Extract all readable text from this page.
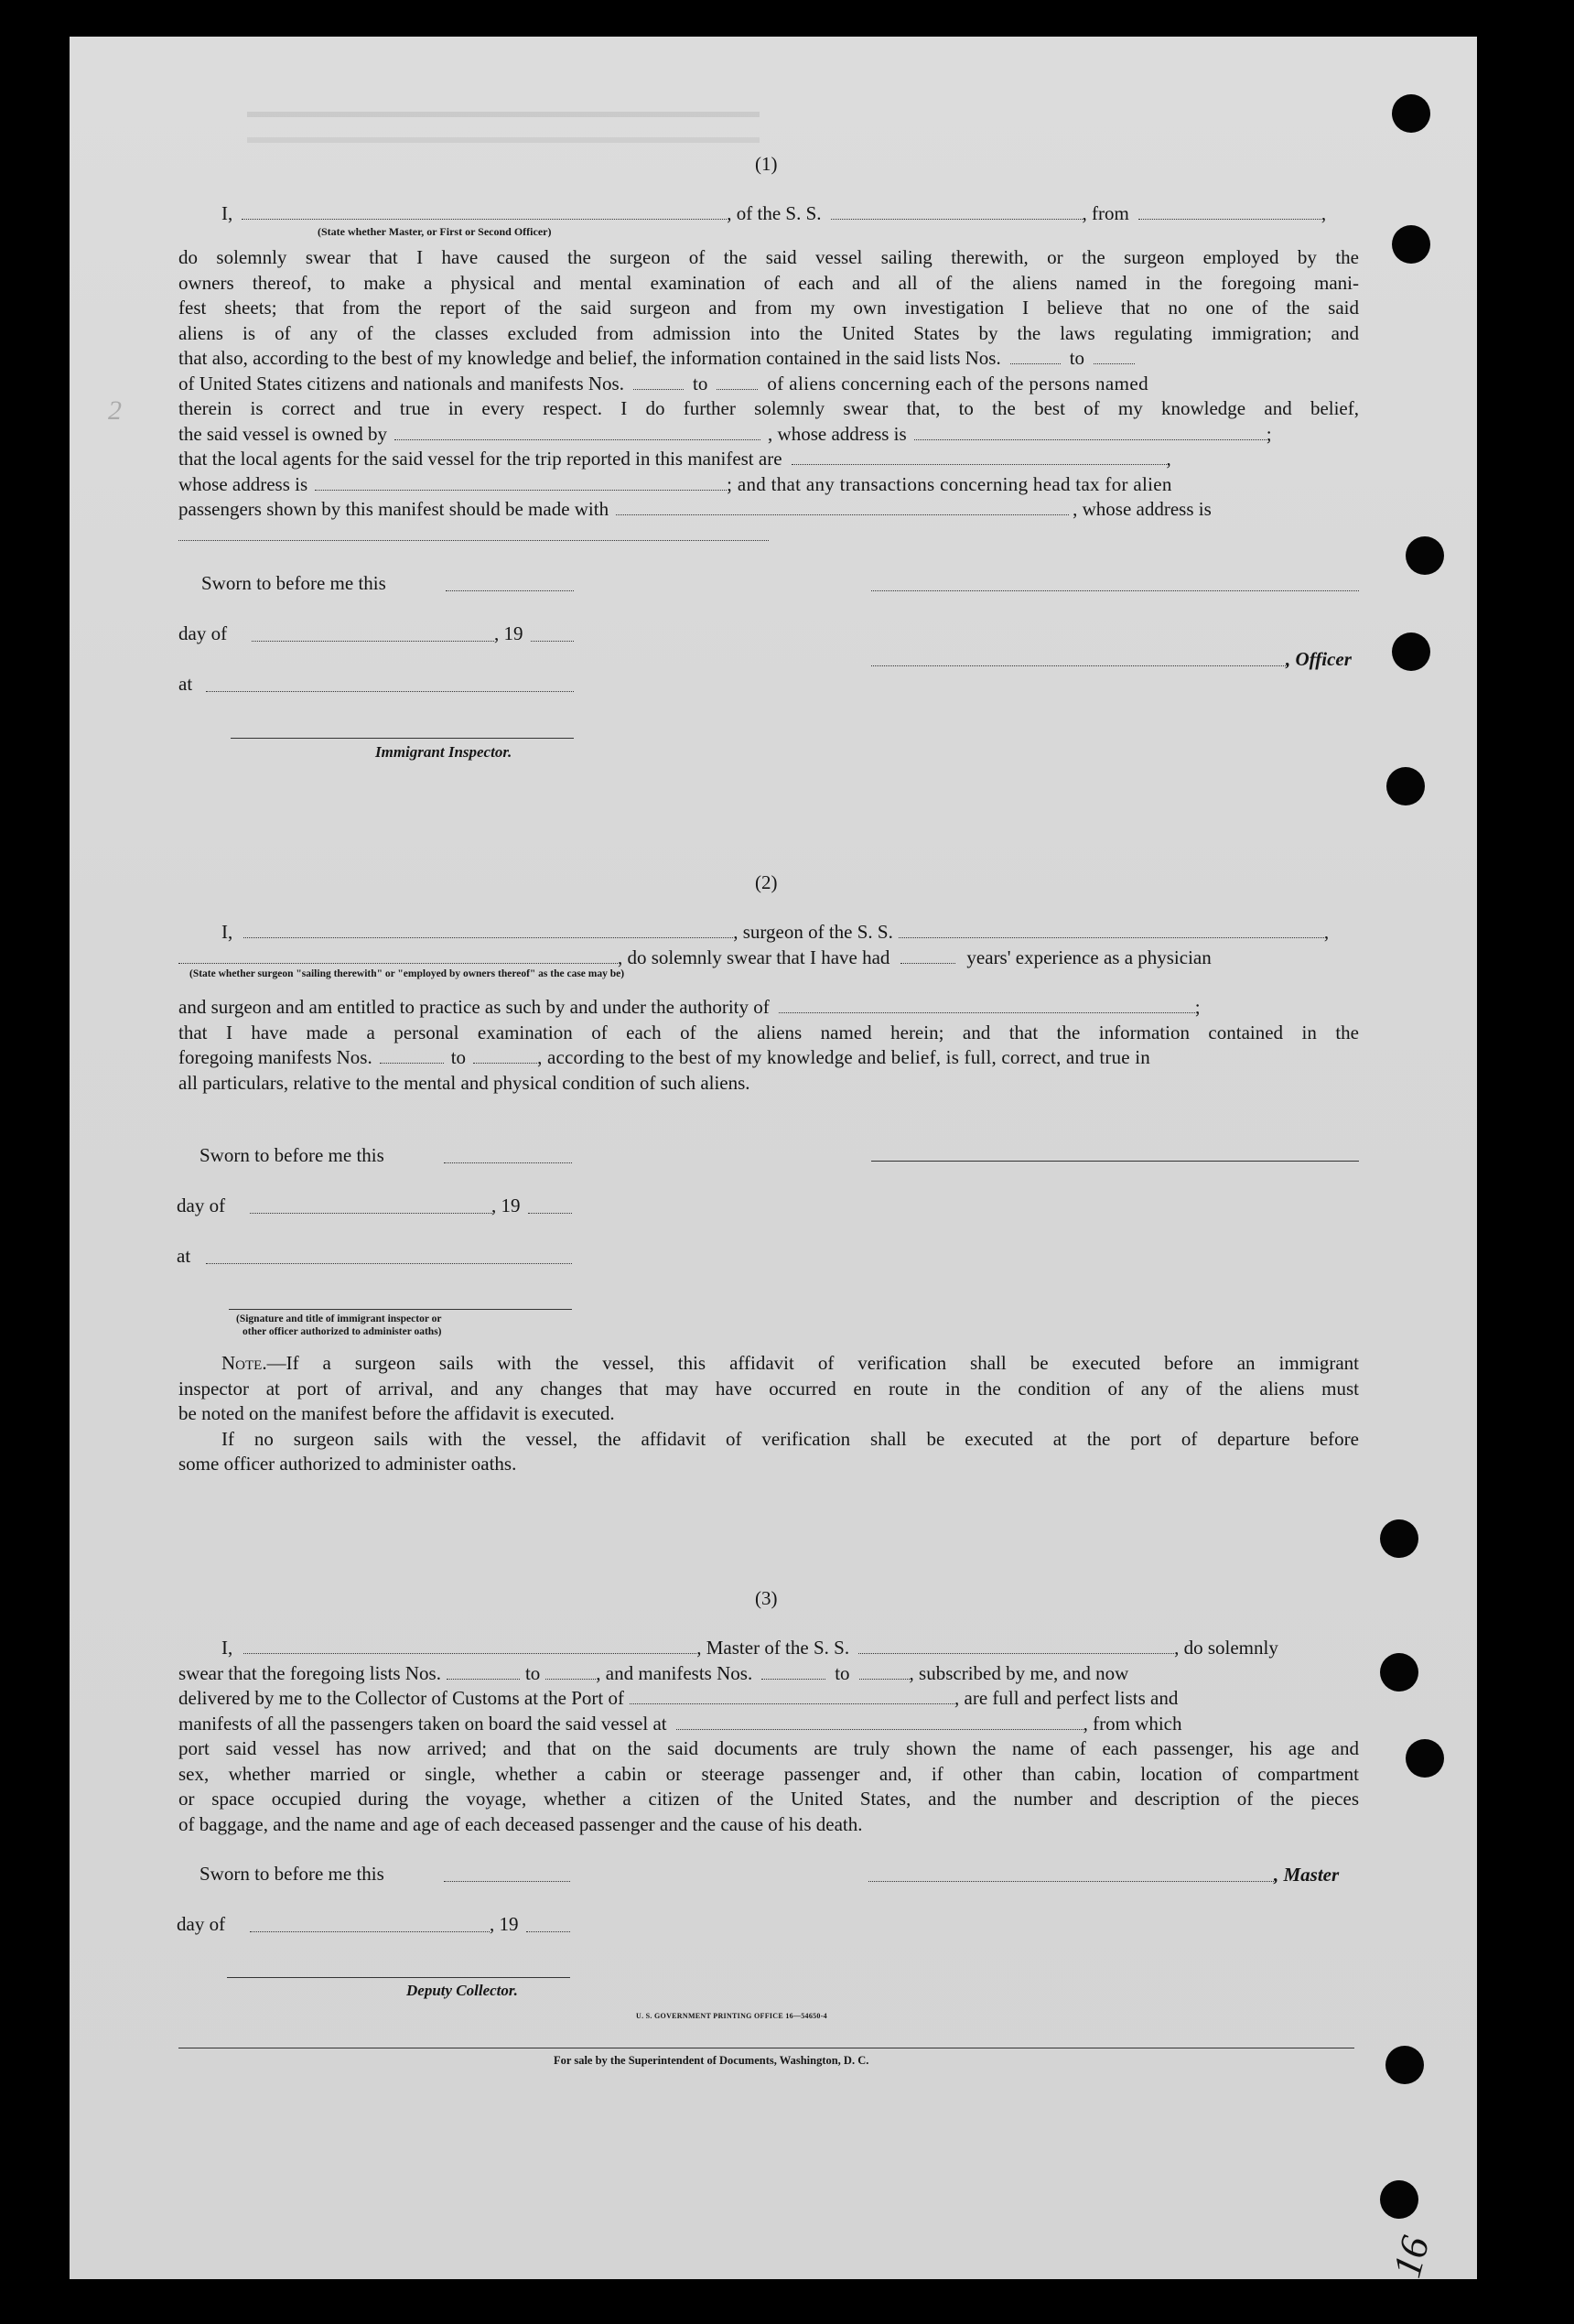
(1)
I,	, of the S. S.	, from	,
(State whether Master, or First or Second Officer)
do solemnly swear that I have caused the surgeon of the said vessel sailing therewith, or the surgeon employed by the
owners thereof, to make a physical and mental examination of each and all of the aliens named in the foregoing mani-
fest sheets; that from the report of the said surgeon and from my own investigation I believe that no one of the said
aliens is of any of the classes excluded from admission into the United States by the laws regulating immigration; and
that also, according to the best of my knowledge and belief, the information contained in the said lists Nos.	to
of United States citizens and nationals and manifests Nos.	to	of aliens concerning each of the persons named
therein is correct and true in every respect. I do further solemnly swear that, to the best of my knowledge and belief,
the said vessel is owned by	, whose address is	;
that the local agents for the said vessel for the trip reported in this manifest are	,
whose address is	; and that any transactions concerning head tax for alien
passengers shown by this manifest should be made with	, whose address is
Sworn to before me this
day of	, 19
, Officer
at
Immigrant Inspector.
(2)
I,	, surgeon of the S. S.	,
, do solemnly swear that I have had	years' experience as a physician
(State whether surgeon "sailing therewith" or "employed by owners thereof" as the case may be)
and surgeon and am entitled to practice as such by and under the authority of	;
that I have made a personal examination of each of the aliens named herein; and that the information contained in the
foregoing manifests Nos.	to	, according to the best of my knowledge and belief, is full, correct, and true in
all particulars, relative to the mental and physical condition of such aliens.
Sworn to before me this
day of	, 19
at
(Signature and title of immigrant inspector or
other officer authorized to administer oaths)
Note.—If a surgeon sails with the vessel, this affidavit of verification shall be executed before an immigrant
inspector at port of arrival, and any changes that may have occurred en route in the condition of any of the aliens must
be noted on the manifest before the affidavit is executed.
If no surgeon sails with the vessel, the affidavit of verification shall be executed at the port of departure before
some officer authorized to administer oaths.
(3)
I,	, Master of the S. S.	, do solemnly
swear that the foregoing lists Nos.	to	, and manifests Nos.	to	, subscribed by me, and now
delivered by me to the Collector of Customs at the Port of	, are full and perfect lists and
manifests of all the passengers taken on board the said vessel at	, from which
port said vessel has now arrived; and that on the said documents are truly shown the name of each passenger, his age and
sex, whether married or single, whether a cabin or steerage passenger and, if other than cabin, location of compartment
or space occupied during the voyage, whether a citizen of the United States, and the number and description of the pieces
of baggage, and the name and age of each deceased passenger and the cause of his death.
Sworn to before me this	, Master
day of	, 19
Deputy Collector.
U. S. GOVERNMENT PRINTING OFFICE 16—54650-4
For sale by the Superintendent of Documents, Washington, D. C.
2
16
